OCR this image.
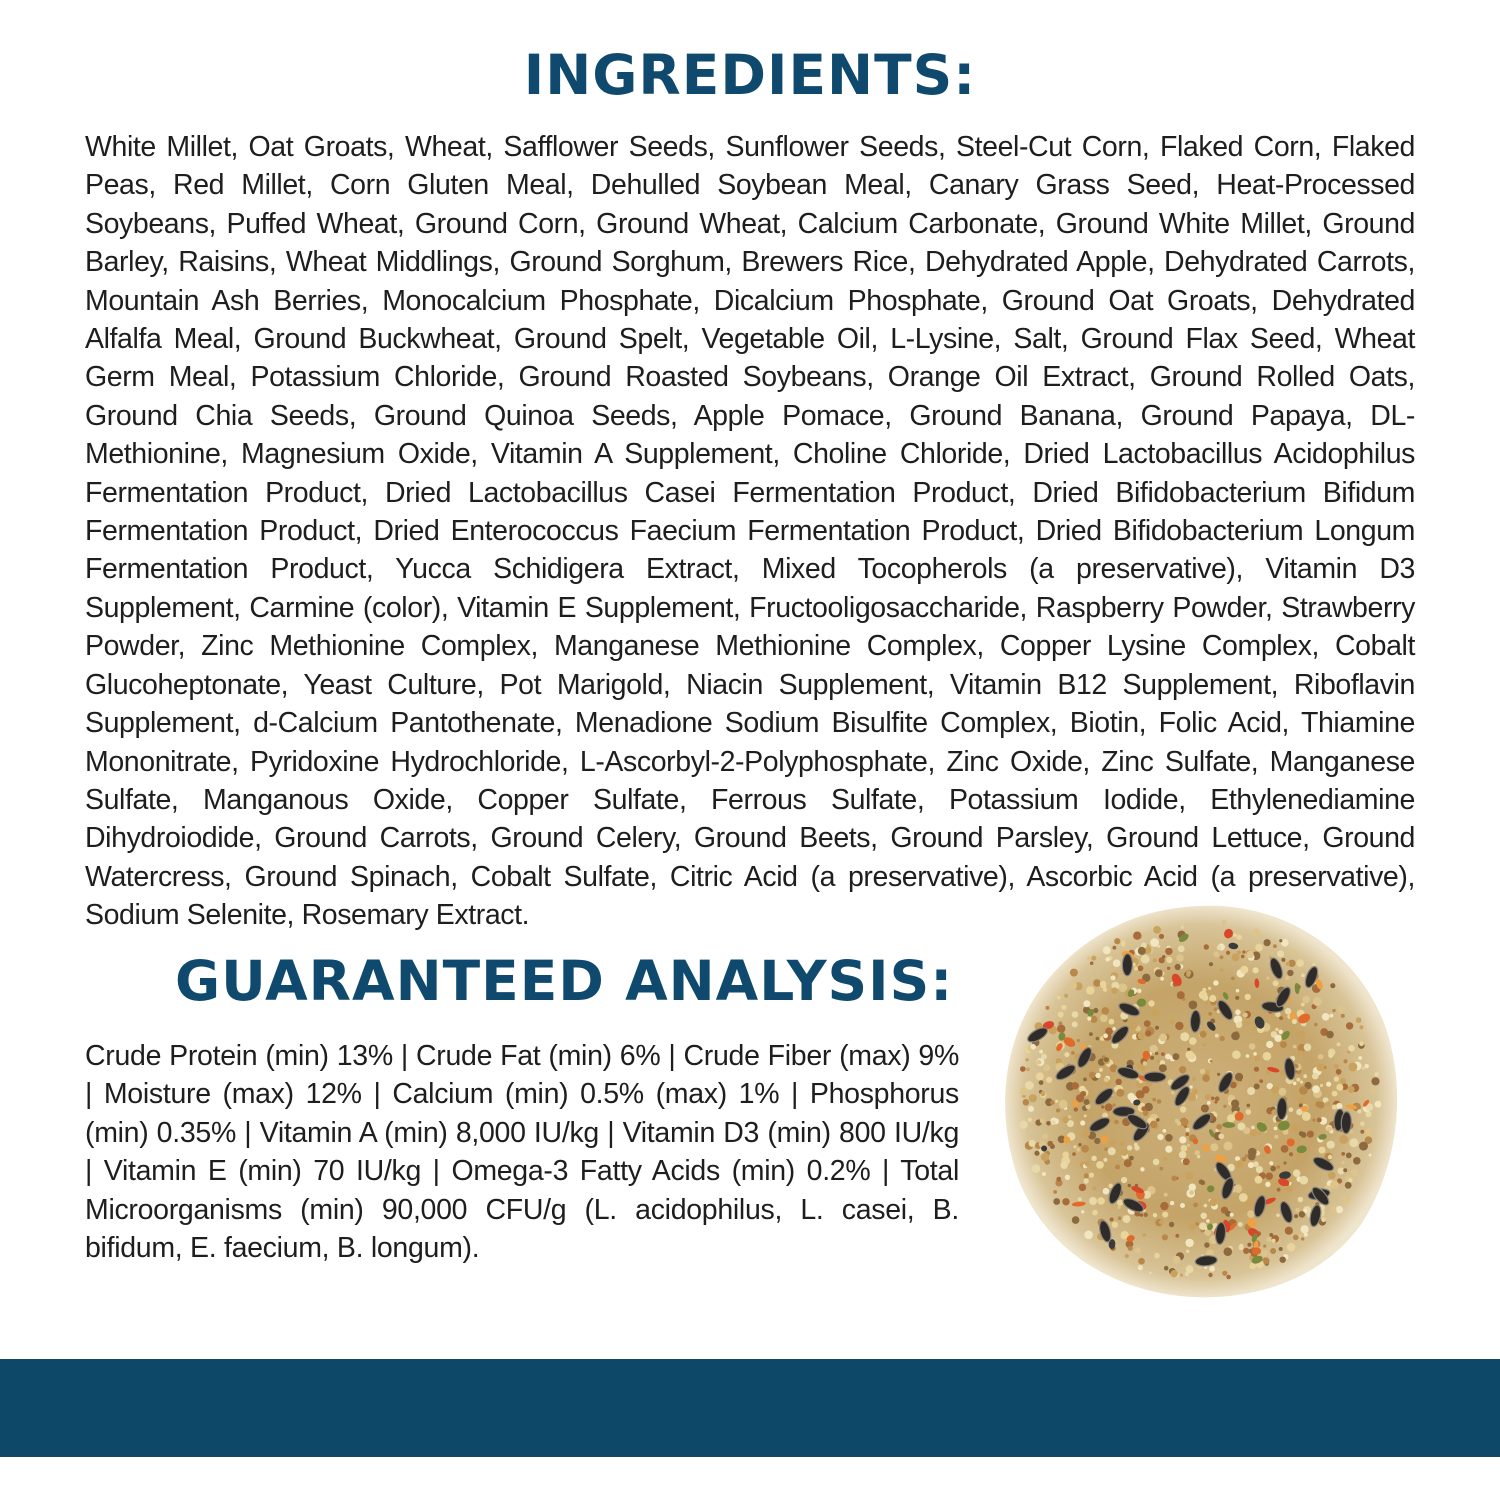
INGREDIENTS:

White Millet, Oat Groats, Wheat, Safflower Seeds, Sunflower Seeds, Steel-Cut Corn, Flaked Corn, Flaked Peas, Red Millet, Corn Gluten Meal, Dehulled Soybean Meal, Canary Grass Seed, Heat-Processed Soybeans, Puffed Wheat, Ground Corn, Ground Wheat, Calcium Carbonate, Ground White Millet, Ground Barley, Raisins, Wheat Middlings, Ground Sorghum, Brewers Rice, Dehydrated Apple, Dehydrated Carrots, Mountain Ash Berries, Monocalcium Phosphate, Dicalcium Phosphate, Ground Oat Groats, Dehydrated Alfalfa Meal, Ground Buckwheat, Ground Spelt, Vegetable Oil, L-Lysine, Salt, Ground Flax Seed, Wheat Germ Meal, Potassium Chloride, Ground Roasted Soybeans, Orange Oil Extract, Ground Rolled Oats, Ground Chia Seeds, Ground Quinoa Seeds, Apple Pomace, Ground Banana, Ground Papaya, DL-Methionine, Magnesium Oxide, Vitamin A Supplement, Choline Chloride, Dried Lactobacillus Acidophilus Fermentation Product, Dried Lactobacillus Casei Fermentation Product, Dried Bifidobacterium Bifidum Fermentation Product, Dried Enterococcus Faecium Fermentation Product, Dried Bifidobacterium Longum Fermentation Product, Yucca Schidigera Extract, Mixed Tocopherols (a preservative), Vitamin D3 Supplement, Carmine (color), Vitamin E Supplement, Fructooligosaccharide, Raspberry Powder, Strawberry Powder, Zinc Methionine Complex, Manganese Methionine Complex, Copper Lysine Complex, Cobalt Glucoheptonate, Yeast Culture, Pot Marigold, Niacin Supplement, Vitamin B12 Supplement, Riboflavin Supplement, d-Calcium Pantothenate, Menadione Sodium Bisulfite Complex, Biotin, Folic Acid, Thiamine Mononitrate, Pyridoxine Hydrochloride, L-Ascorbyl-2-Polyphosphate, Zinc Oxide, Zinc Sulfate, Manganese Sulfate, Manganous Oxide, Copper Sulfate, Ferrous Sulfate, Potassium Iodide, Ethylenediamine Dihydroiodide, Ground Carrots, Ground Celery, Ground Beets, Ground Parsley, Ground Lettuce, Ground Watercress, Ground Spinach, Cobalt Sulfate, Citric Acid (a preservative), Ascorbic Acid (a preservative), Sodium Selenite, Rosemary Extract.

GUARANTEED ANALYSIS:

Crude Protein (min) 13% | Crude Fat (min) 6% | Crude Fiber (max) 9% | Moisture (max) 12% | Calcium (min) 0.5% (max) 1% | Phosphorus (min) 0.35% | Vitamin A (min) 8,000 IU/kg | Vitamin D3 (min) 800 IU/kg | Vitamin E (min) 70 IU/kg | Omega-3 Fatty Acids (min) 0.2% | Total Microorganisms (min) 90,000 CFU/g (L. acidophilus, L. casei, B. bifidum, E. faecium, B. longum).
